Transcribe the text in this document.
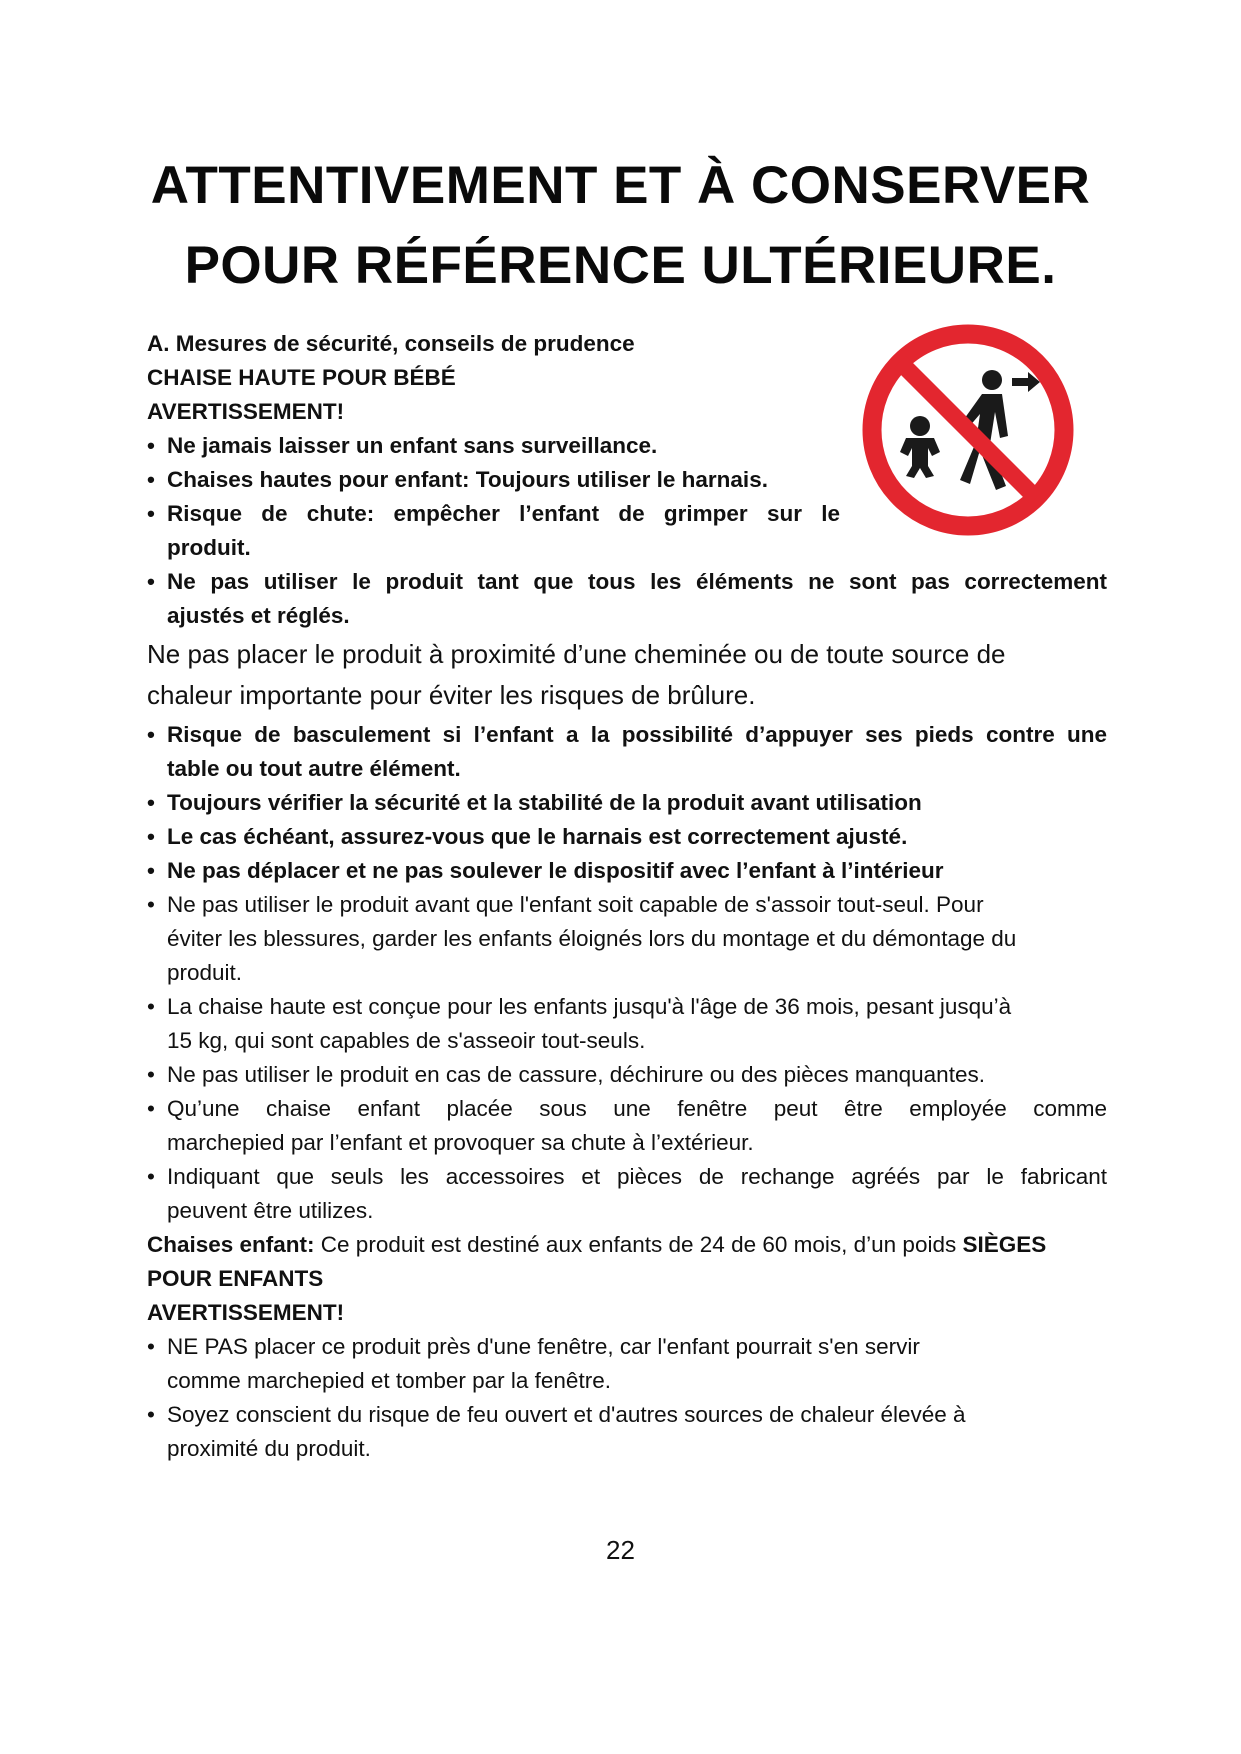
ATTENTIVEMENT ET À CONSERVER
POUR RÉFÉRENCE ULTÉRIEURE.
A. Mesures de sécurité, conseils de prudence
CHAISE HAUTE POUR BÉBÉ
AVERTISSEMENT!
• Ne jamais laisser un enfant sans surveillance.
• Chaises hautes pour enfant: Toujours utiliser le harnais.
• Risque de chute: empêcher l’enfant de grimper sur le
produit.
• Ne pas utiliser le produit tant que tous les éléments ne sont pas correctement
ajustés et réglés.
Ne pas placer le produit à proximité d’une cheminée ou de toute source de
chaleur importante pour éviter les risques de brûlure.
• Risque de basculement si l’enfant a la possibilité d’appuyer ses pieds contre une
table ou tout autre élément.
• Toujours vérifier la sécurité et la stabilité de la produit avant utilisation
• Le cas échéant, assurez-vous que le harnais est correctement ajusté.
• Ne pas déplacer et ne pas soulever le dispositif avec l’enfant à l’intérieur
• Ne pas utiliser le produit avant que l'enfant soit capable de s'assoir tout-seul. Pour
éviter les blessures, garder les enfants éloignés lors du montage et du démontage du
produit.
• La chaise haute est conçue pour les enfants jusqu'à l'âge de 36 mois, pesant jusqu’à
15 kg, qui sont capables de s'asseoir tout-seuls.
• Ne pas utiliser le produit en cas de cassure, déchirure ou des pièces manquantes.
• Qu’une chaise enfant placée sous une fenêtre peut être employée comme
marchepied par l’enfant et provoquer sa chute à l’extérieur.
• Indiquant que seuls les accessoires et pièces de rechange agréés par le fabricant
peuvent être utilizes.
Chaises enfant: Ce produit est destiné aux enfants de 24 de 60 mois, d’un poids SIÈGES
POUR ENFANTS
AVERTISSEMENT!
• NE PAS placer ce produit près d'une fenêtre, car l'enfant pourrait s'en servir
comme marchepied et tomber par la fenêtre.
• Soyez conscient du risque de feu ouvert et d'autres sources de chaleur élevée à
proximité du produit.
22
